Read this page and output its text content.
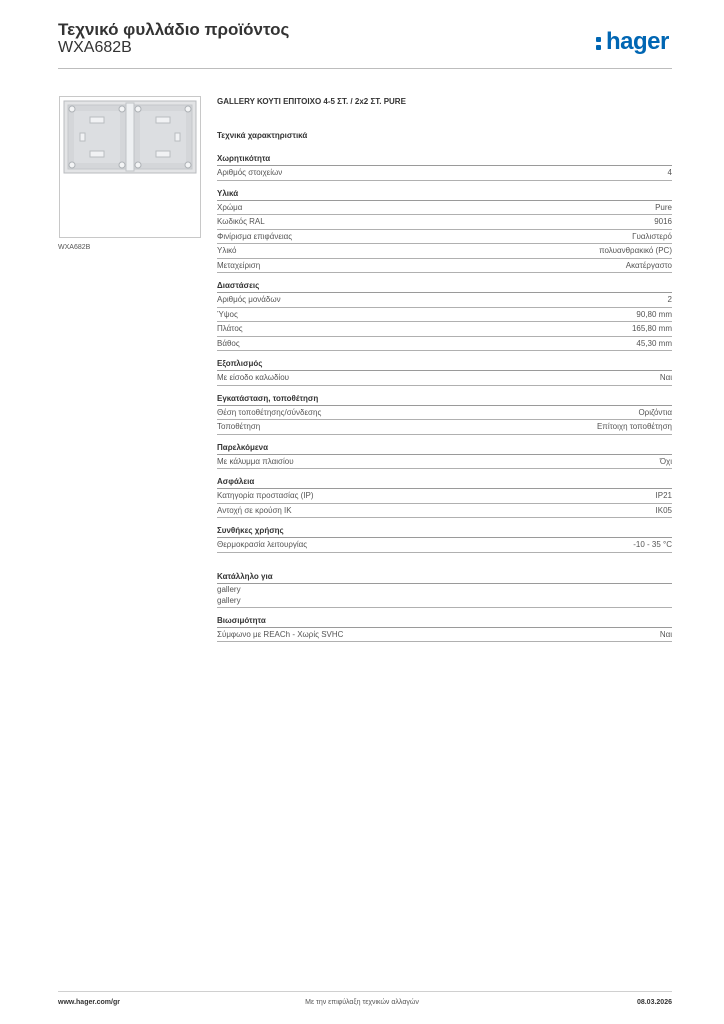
Τεχνικό φυλλάδιο προϊόντος
WXA682B	hager
WXA682B
GALLERY ΚΟΥΤΙ ΕΠΙΤΟΙΧΟ 4-5 ΣΤ. / 2x2 ΣΤ. PURE
Τεχνικά χαρακτηριστικά
Χωρητικότητα
Αριθμός στοιχείων	4
Υλικά
Χρώμα	Pure
Κωδικός RAL	9016
Φινίρισμα επιφάνειας	Γυαλιστερό
Υλικό	πολυανθρακικό (PC)
Μεταχείριση	Ακατέργαστο
Διαστάσεις
Αριθμός μονάδων	2
Ύψος	90,80 mm
Πλάτος	165,80 mm
Βάθος	45,30 mm
Εξοπλισμός
Με είσοδο καλωδίου	Ναι
Εγκατάσταση, τοποθέτηση
Θέση τοποθέτησης/σύνδεσης	Οριζόντια
Τοποθέτηση	Επίτοιχη τοποθέτηση
Παρελκόμενα
Με κάλυμμα πλαισίου	Όχι
Ασφάλεια
Κατηγορία προστασίας (IP)	IP21
Αντοχή σε κρούση IK	IK05
Συνθήκες χρήσης
Θερμοκρασία λειτουργίας	-10 - 35 °C
Κατάλληλο για
gallery
gallery
Βιωσιμότητα
Σύμφωνο με REACh - Χωρίς SVHC	Ναι
www.hager.com/gr	Με την επιφύλαξη τεχνικών αλλαγών	08.03.2026
